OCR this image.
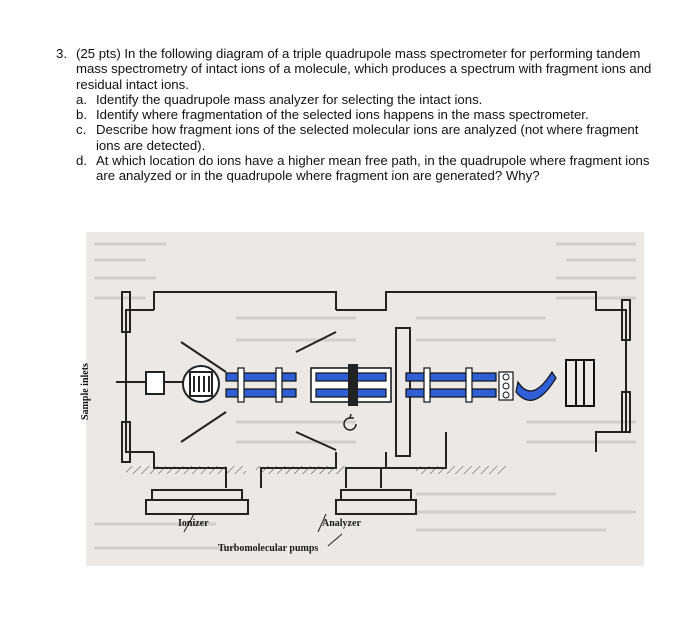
3. (25 pts) In the following diagram of a triple quadrupole mass spectrometer for performing tandem mass spectrometry of intact ions of a molecule, which produces a spectrum with fragment ions and residual intact ions.
a. Identify the quadrupole mass analyzer for selecting the intact ions.
b. Identify where fragmentation of the selected ions happens in the mass spectrometer.
c. Describe how fragment ions of the selected molecular ions are analyzed (not where fragment ions are detected).
d. At which location do ions have a higher mean free path, in the quadrupole where fragment ions are analyzed or in the quadrupole where fragment ion are generated? Why?
Sample inlets
Ionizer	Analyzer
Turbomolecular pumps
